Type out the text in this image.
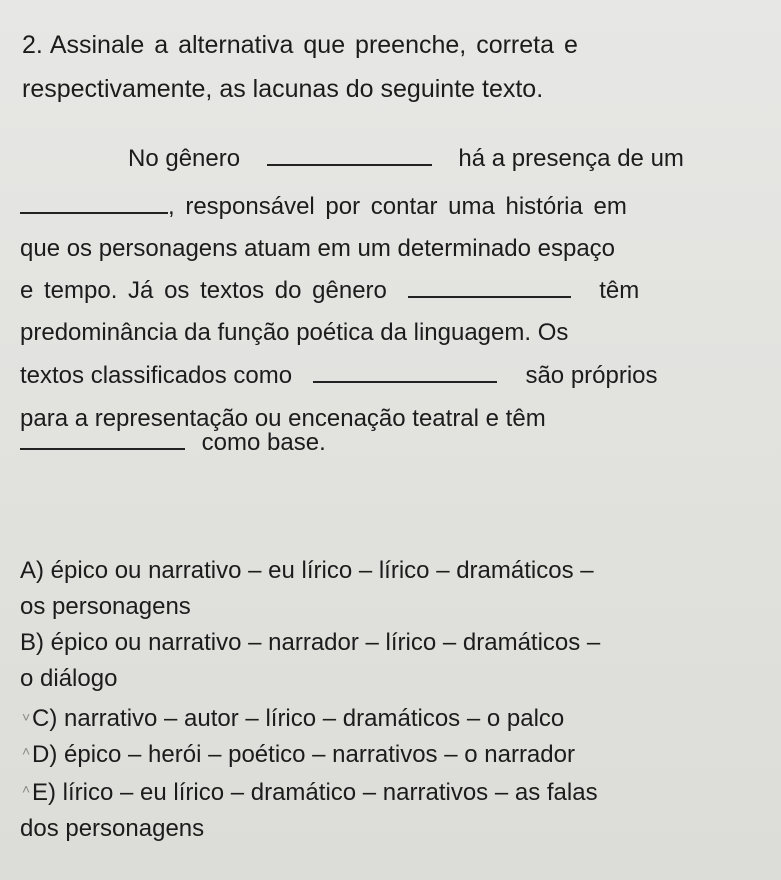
2. Assinale a alternativa que preenche, correta e
respectivamente, as lacunas do seguinte texto.
No gênero	há a presença de um
, responsável por contar uma história em
que os personagens atuam em um determinado espaço
e tempo. Já os textos do gênero	têm
predominância da função poética da linguagem. Os
textos classificados como	são próprios
para a representação ou encenação teatral e têm
como base.
A) épico ou narrativo – eu lírico – lírico – dramáticos –
os personagens
B) épico ou narrativo – narrador – lírico – dramáticos –
o diálogo
˅ C) narrativo – autor – lírico – dramáticos – o palco
˄ D) épico – herói – poético – narrativos – o narrador
˄ E) lírico – eu lírico – dramático – narrativos – as falas
dos personagens
